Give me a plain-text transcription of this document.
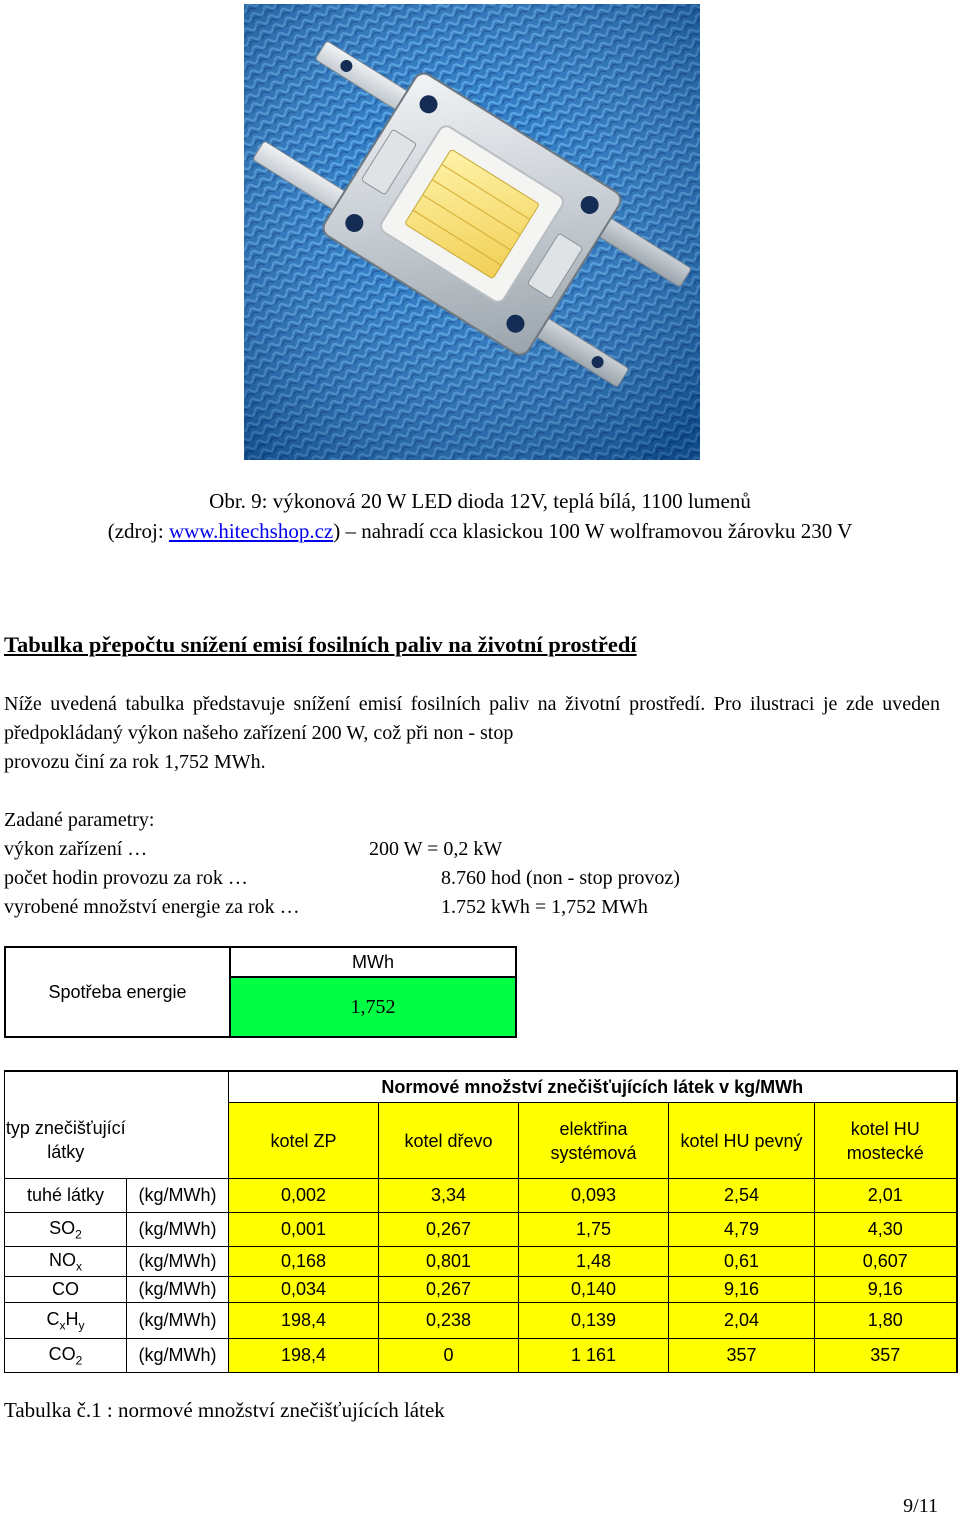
Obr. 9: výkonová 20 W LED dioda 12V, teplá bílá, 1100 lumenů
(zdroj: www.hitechshop.cz) – nahradí cca klasickou 100 W wolframovou žárovku 230 V
Tabulka přepočtu snížení emisí fosilních paliv na životní prostředí
Níže uvedená tabulka představuje snížení emisí fosilních paliv na životní prostředí. Pro ilustraci je zde uveden předpokládaný výkon našeho zařízení 200 W, což při non - stop
provozu činí za rok 1,752 MWh.
Zadané parametry:
výkon zařízení …	200 W = 0,2 kW
počet hodin provozu za rok …	8.760 hod (non - stop provoz)
vyrobené množství energie za rok …	1.752 kWh = 1,752 MWh
Spotřeba energie	MWh
1,752
		Normové množství znečišťujících látek v kg/MWh				
typ znečišťující látky		kotel ZP	kotel dřevo	elektřina systémová	kotel HU pevný	kotel HU mostecké
tuhé látky	(kg/MWh)	0,002	3,34	0,093	2,54	2,01
$SO_2$	(kg/MWh)	0,001	0,267	1,75	4,79	4,30
$NO_x$	(kg/MWh)	0,168	0,801	1,48	0,61	0,607
CO	(kg/MWh)	0,034	0,267	0,140	9,16	9,16
$C_xH_y$	(kg/MWh)	198,4	0,238	0,139	2,04	1,80
$CO_2$	(kg/MWh)	198,4	0	1 161	357	357
Tabulka č.1 : normové množství znečišťujících látek
9/11
